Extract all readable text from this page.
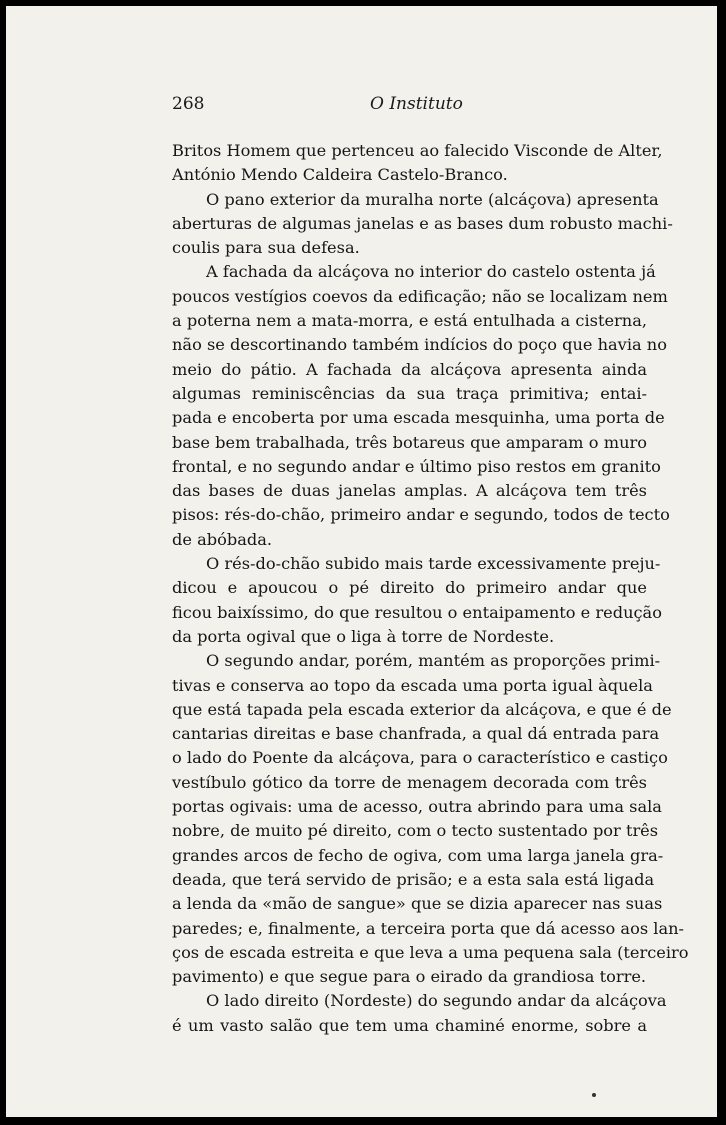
268	O Instituto
Britos Homem que pertenceu ao falecido Visconde de Alter,
António Mendo Caldeira Castelo-Branco.
O pano exterior da muralha norte (alcáçova) apresenta
aberturas de algumas janelas e as bases dum robusto machi-
coulis para sua defesa.
A fachada da alcáçova no interior do castelo ostenta já
poucos vestígios coevos da edificação; não se localizam nem
a poterna nem a mata-morra, e está entulhada a cisterna,
não se descortinando também indícios do poço que havia no
meio do pátio. A fachada da alcáçova apresenta ainda
algumas reminiscências da sua traça primitiva; entai-
pada e encoberta por uma escada mesquinha, uma porta de
base bem trabalhada, três botareus que amparam o muro
frontal, e no segundo andar e último piso restos em granito
das bases de duas janelas amplas. A alcáçova tem três
pisos: rés-do-chão, primeiro andar e segundo, todos de tecto
de abóbada.
O rés-do-chão subido mais tarde excessivamente preju-
dicou e apoucou o pé direito do primeiro andar que
ficou baixíssimo, do que resultou o entaipamento e redução
da porta ogival que o liga à torre de Nordeste.
O segundo andar, porém, mantém as proporções primi-
tivas e conserva ao topo da escada uma porta igual àquela
que está tapada pela escada exterior da alcáçova, e que é de
cantarias direitas e base chanfrada, a qual dá entrada para
o lado do Poente da alcáçova, para o característico e castiço
vestíbulo gótico da torre de menagem decorada com três
portas ogivais: uma de acesso, outra abrindo para uma sala
nobre, de muito pé direito, com o tecto sustentado por três
grandes arcos de fecho de ogiva, com uma larga janela gra-
deada, que terá servido de prisão; e a esta sala está ligada
a lenda da «mão de sangue» que se dizia aparecer nas suas
paredes; e, finalmente, a terceira porta que dá acesso aos lan-
ços de escada estreita e que leva a uma pequena sala (terceiro
pavimento) e que segue para o eirado da grandiosa torre.
O lado direito (Nordeste) do segundo andar da alcáçova
é um vasto salão que tem uma chaminé enorme, sobre a
